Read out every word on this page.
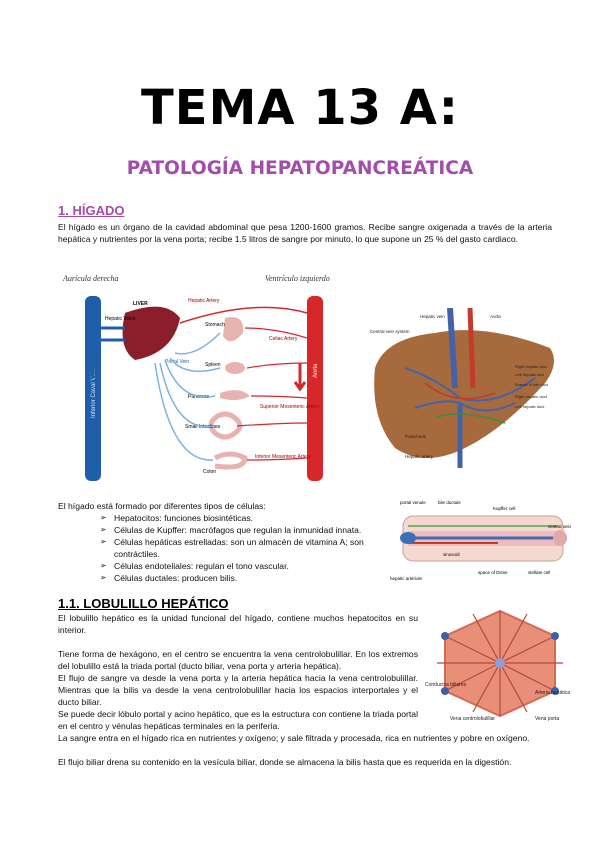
TEMA 13 A:
PATOLOGÍA HEPATOPANCREÁTICA
1. HÍGADO
El hígado es un órgano de la cavidad abdominal que pesa 1200-1600 gramos. Recibe sangre oxigenada a través de la arteria hepática y nutrientes por la vena porta; recibe 1.5 litros de sangre por minuto, lo que supone un 25 % del gasto cardiaco.
Aurícula derecha	Ventrículo izquierdo
Inferior Caval Vein	Aorta
LIVER	Hepatic Artery
Hepatic Veins
Stomach
Spleen
Pancreas
Small Intestines
Colon
Celiac Artery
Superior Mesenteric Artery
Inferior Mesenteric Artery
Portal Vein
Hepatic vein	Aorta
Central vein system
Right hepatic vein
Left hepatic vein
Portal vein
Hepatic artery
Branch of bile duct
Right hepatic duct
Left hepatic duct
El hígado está formado por diferentes tipos de células:
➢ Hepatocitos: funciones biosintéticas.
➢ Células de Kupffer: macrófagos que regulan la inmunidad innata.
➢ Células hepáticas estrelladas: son un almacén de vitamina A; son contráctiles.
➢ Células endoteliales: regulan el tono vascular.
➢ Células ductales: producen bilis.
portal venule	bile ductule
Kupffer cell
space of Disse	stellate cell
hepatic arteriole
central vein
sinusoid
1.1. LOBULILLO HEPÁTICO
El lobulillo hepático es la unidad funcional del hígado, contiene muchos hepatocitos en su interior.
Tiene forma de hexágono, en el centro se encuentra la vena centrolobulillar. En los extremos del lobulillo está la triada portal (ducto biliar, vena porta y arteria hepática).
El flujo de sangre va desde la vena porta y la arteria hepática hacia la vena centrolobulillar. Mientras que la bilis va desde la vena centrolobulillar hacia los espacios interportales y el ducto biliar.
Se puede decir lóbulo portal y acino hepático, que es la estructura con contiene la triada portal en el centro y vénulas hepáticas terminales en la periferia.
La sangre entra en el hígado rica en nutrientes y oxígeno; y sale filtrada y procesada, rica en nutrientes y pobre en oxígeno.
El flujo biliar drena su contenido en la vesícula biliar, donde se almacena la bilis hasta que es requerida en la digestión.
Arteria hepática
Conductos biliares
Vena centrolobulillar	Vena porta
